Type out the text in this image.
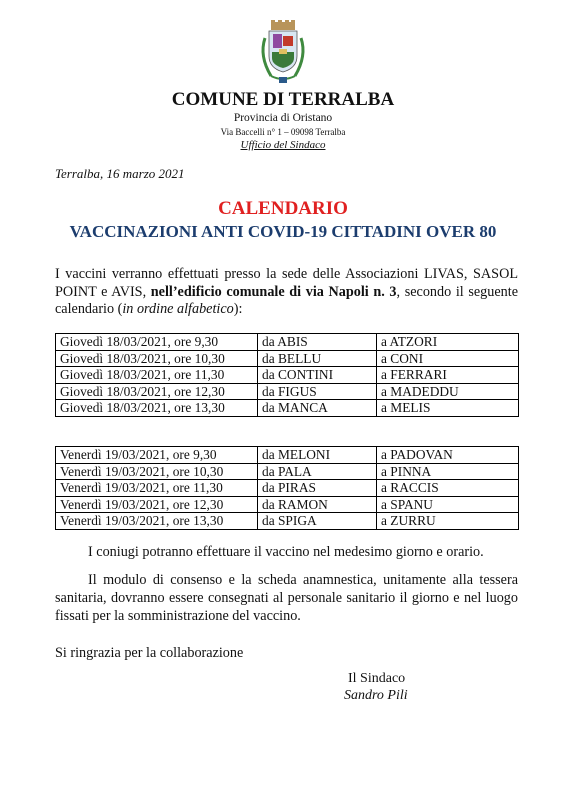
COMUNE DI TERRALBA
Provincia di Oristano
Via Baccelli n° 1 – 09098 Terralba
Ufficio del Sindaco
Terralba, 16 marzo 2021
CALENDARIO
VACCINAZIONI ANTI COVID-19 CITTADINI OVER 80
I vaccini verranno effettuati presso la sede delle Associazioni LIVAS, SASOL POINT e AVIS, nell’edificio comunale di via Napoli n. 3, secondo il seguente calendario (in ordine alfabetico):
Giovedì 18/03/2021, ore 9,30	da ABIS	a ATZORI
Giovedì 18/03/2021, ore 10,30	da BELLU	a CONI
Giovedì 18/03/2021, ore 11,30	da CONTINI	a FERRARI
Giovedì 18/03/2021, ore 12,30	da FIGUS	a MADEDDU
Giovedì 18/03/2021, ore 13,30	da MANCA	a MELIS
Venerdì 19/03/2021, ore 9,30	da MELONI	a PADOVAN
Venerdì 19/03/2021, ore 10,30	da PALA	a PINNA
Venerdì 19/03/2021, ore 11,30	da PIRAS	a RACCIS
Venerdì 19/03/2021, ore 12,30	da RAMON	a SPANU
Venerdì 19/03/2021, ore 13,30	da SPIGA	a ZURRU
I coniugi potranno effettuare il vaccino nel medesimo giorno e orario.
Il modulo di consenso e la scheda anamnestica, unitamente alla tessera sanitaria, dovranno essere consegnati al personale sanitario il giorno e nel luogo fissati per la somministrazione del vaccino.
Si ringrazia per la collaborazione
Il Sindaco
Sandro Pili
